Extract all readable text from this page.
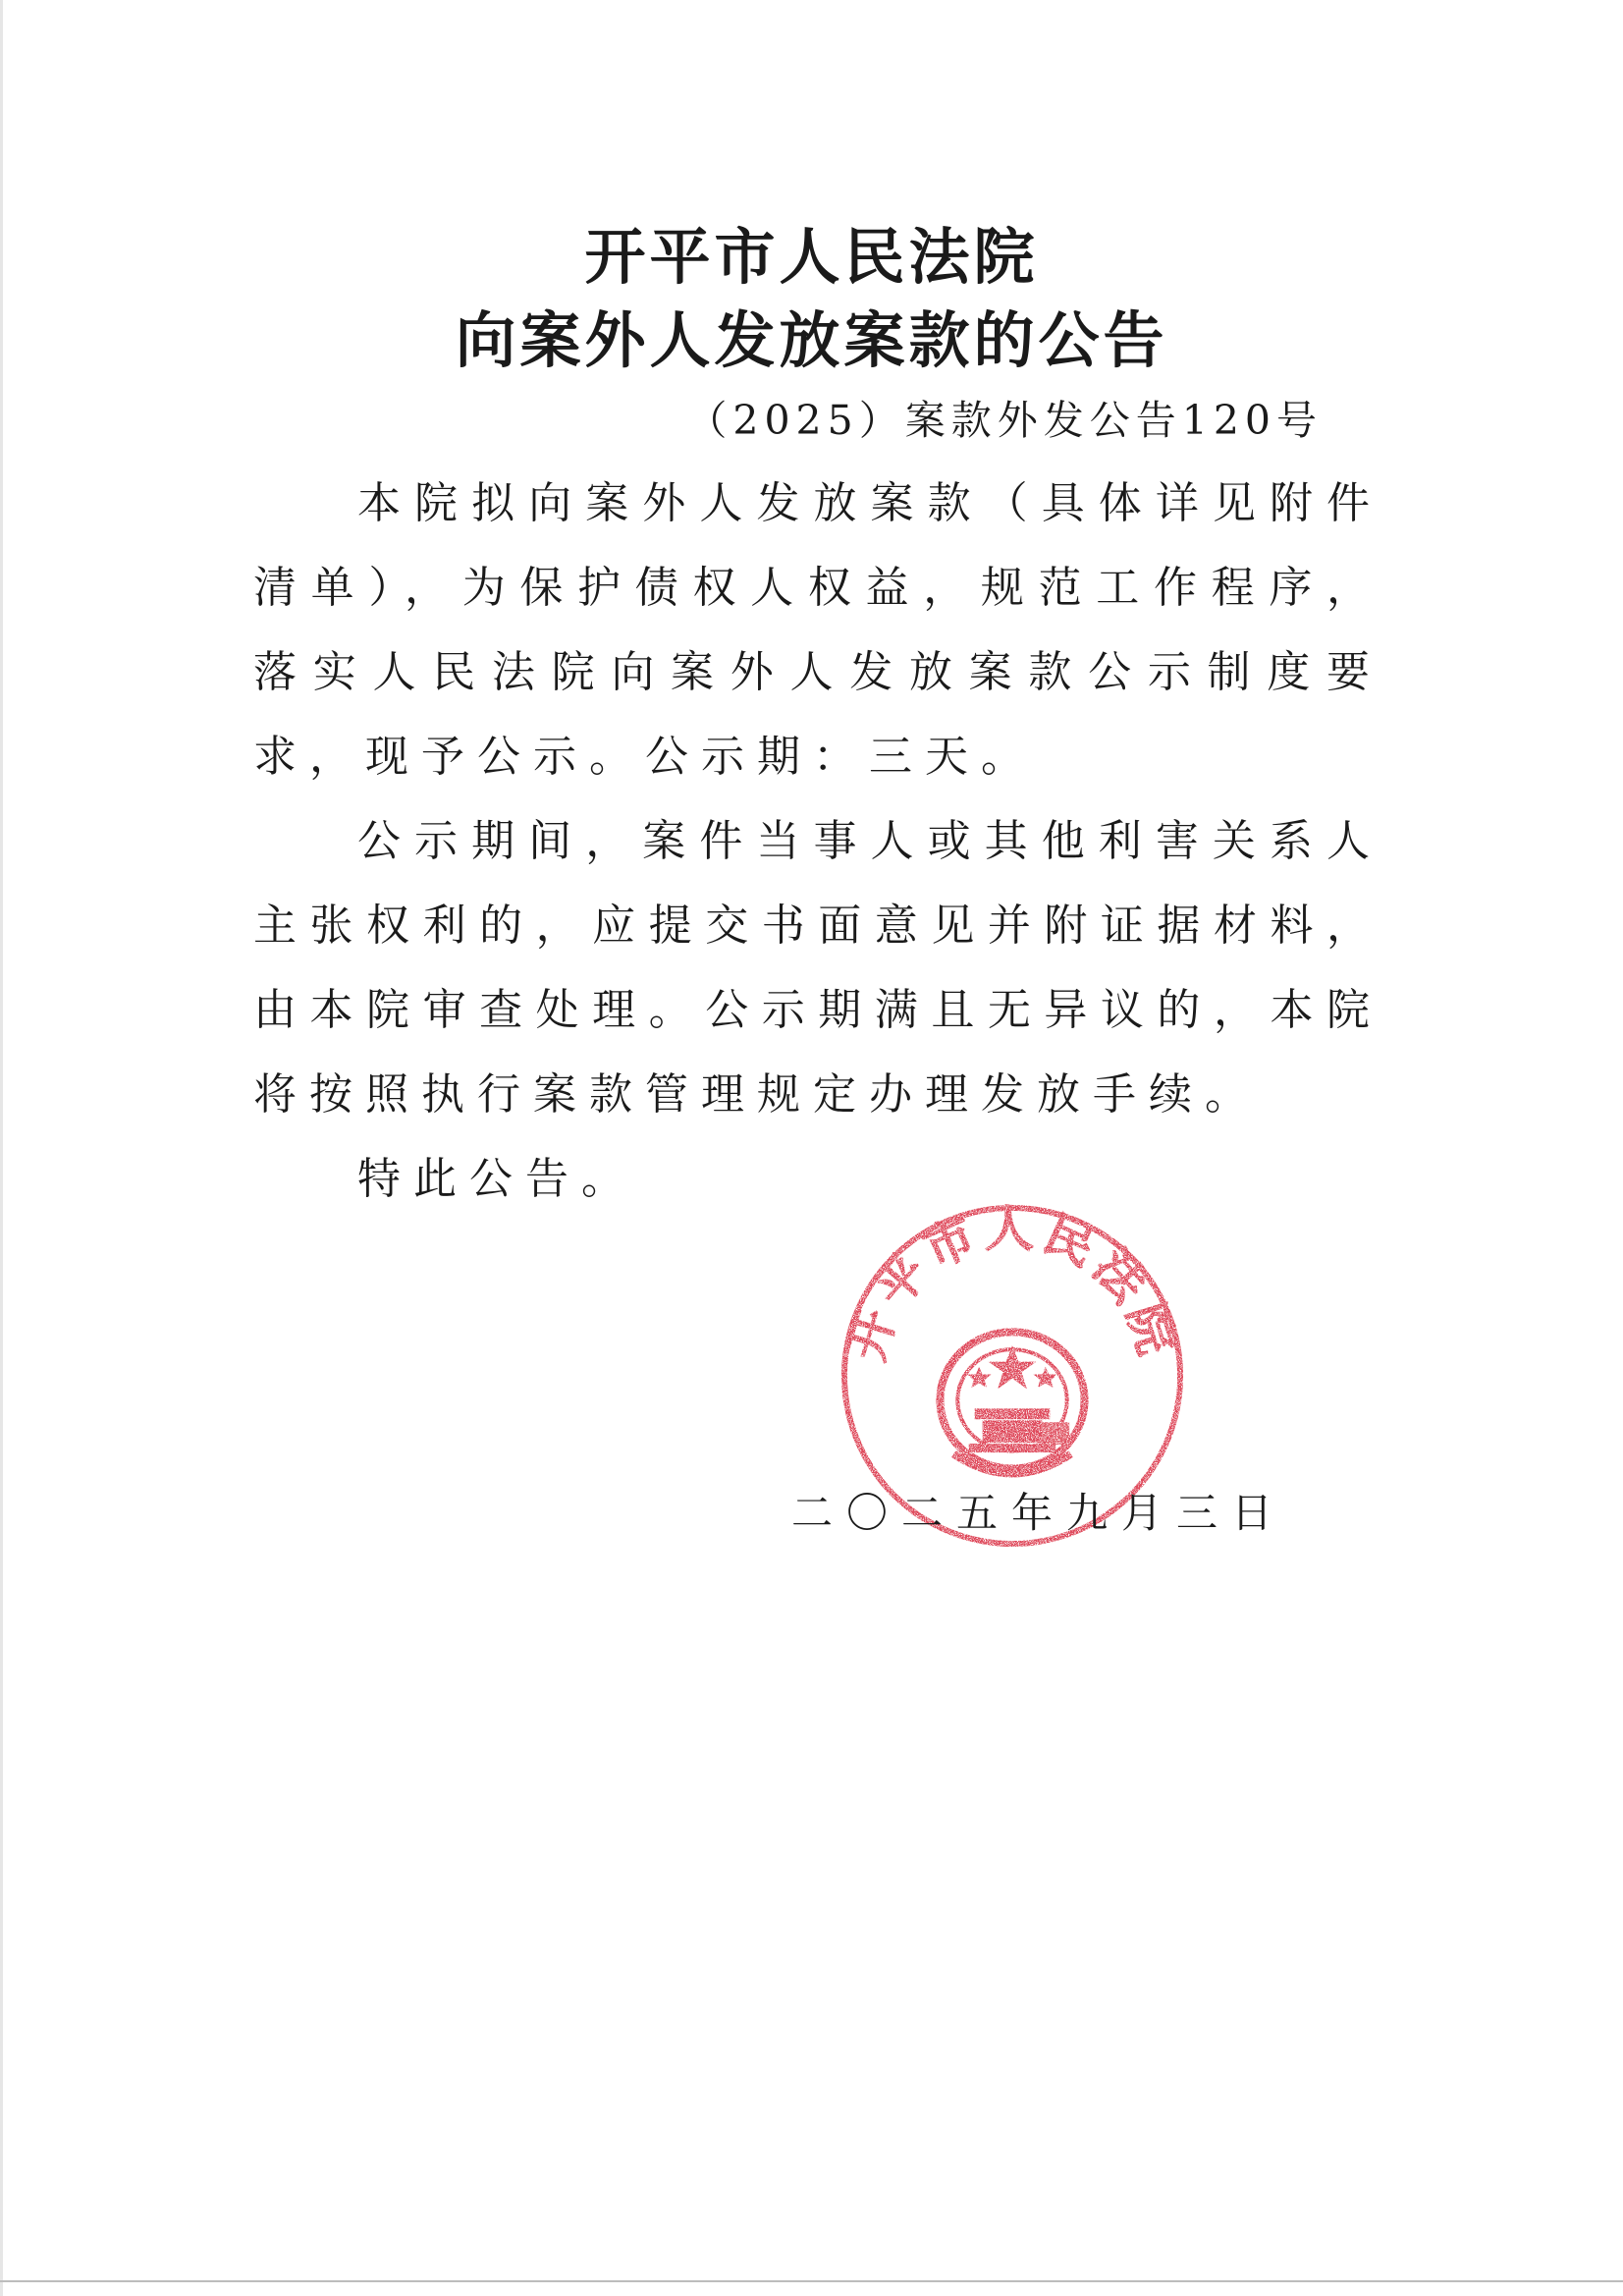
开平市人民法院
向案外人发放案款的公告
（2025）案款外发公告120号
本院拟向案外人发放案款（具体详见附件清单），为保护债权人权益，规范工作程序，落实人民法院向案外人发放案款公示制度要求，现予公示。公示期：三天。
公示期间，案件当事人或其他利害关系人主张权利的，应提交书面意见并附证据材料，由本院审查处理。公示期满且无异议的，本院将按照执行案款管理规定办理发放手续。
特此公告。
开平市人民法院
二〇二五年九月三日
